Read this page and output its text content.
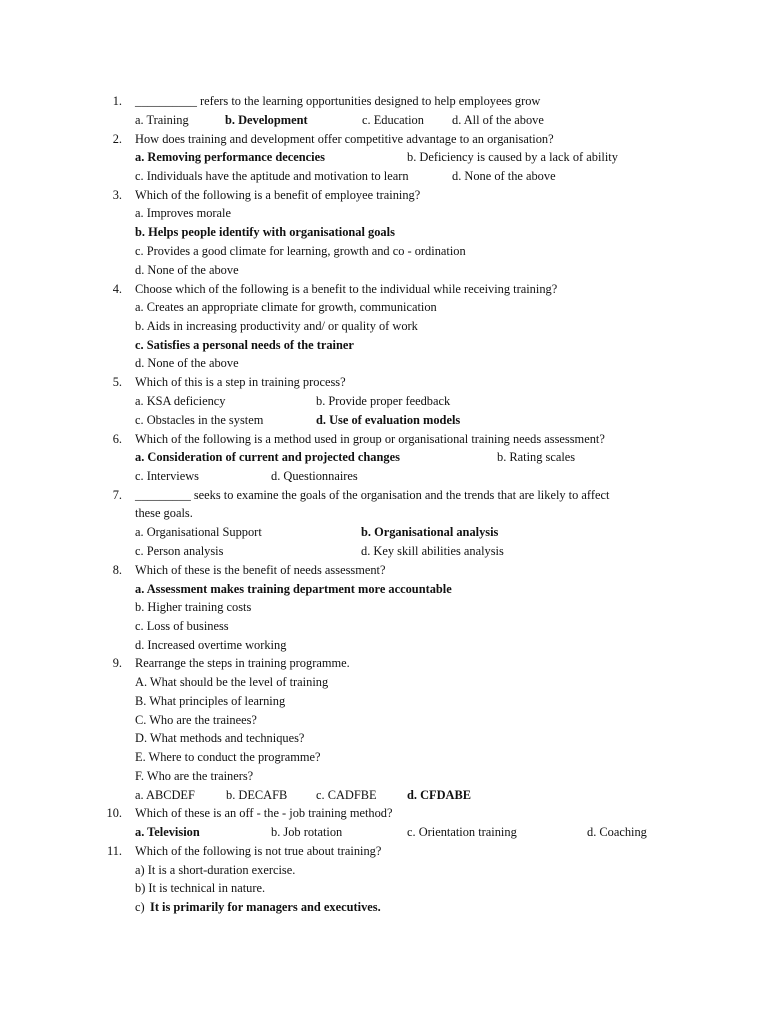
1. __________ refers to the learning opportunities designed to help employees grow
a. Training	b. Development	c. Education d. All of the above
2. How does training and development offer competitive advantage to an organisation?
a. Removing performance decencies	b. Deficiency is caused by a lack of ability
c. Individuals have the aptitude and motivation to learn	d. None of the above
3. Which of the following is a benefit of employee training?
a. Improves morale
b. Helps people identify with organisational goals
c. Provides a good climate for learning, growth and co - ordination
d. None of the above
4. Choose which of the following is a benefit to the individual while receiving training?
a. Creates an appropriate climate for growth, communication
b. Aids in increasing productivity and/ or quality of work
c. Satisfies a personal needs of the trainer
d. None of the above
5. Which of this is a step in training process?
a. KSA deficiency	b. Provide proper feedback
c. Obstacles in the system	d. Use of evaluation models
6. Which of the following is a method used in group or organisational training needs assessment?
a. Consideration of current and projected changes	b. Rating scales
c. Interviews	d. Questionnaires
7. _________ seeks to examine the goals of the organisation and the trends that are likely to affect
these goals.
a. Organisational Support	b. Organisational analysis
c. Person analysis	d. Key skill abilities analysis
8. Which of these is the benefit of needs assessment?
a. Assessment makes training department more accountable
b. Higher training costs
c. Loss of business
d. Increased overtime working
9. Rearrange the steps in training programme.
A. What should be the level of training
B. What principles of learning
C. Who are the trainees?
D. What methods and techniques?
E. Where to conduct the programme?
F. Who are the trainers?
a. ABCDEF	b. DECAFB c. CADFBE d. CFDABE
10. Which of these is an off - the - job training method?
a. Television	b. Job rotation	c. Orientation training	d. Coaching
11. Which of the following is not true about training?
a) It is a short-duration exercise.
b) It is technical in nature.
c) It is primarily for managers and executives.
